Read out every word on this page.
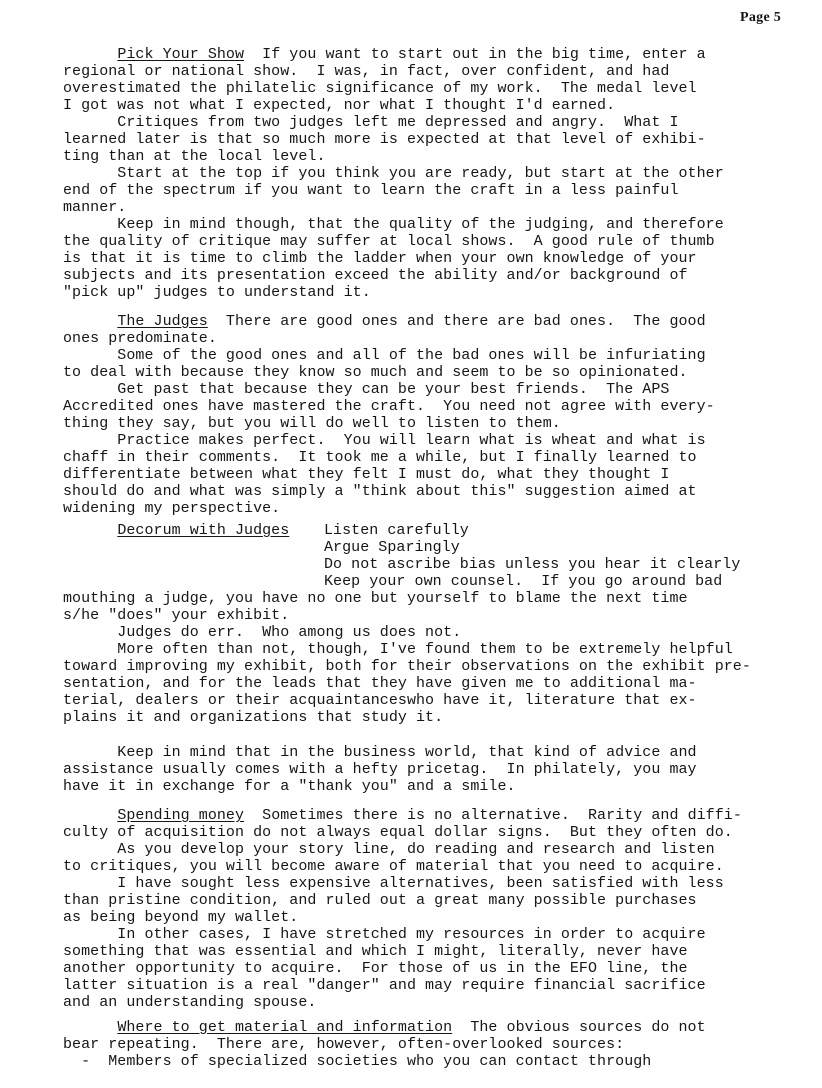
Page 5
Pick Your Show  If you want to start out in the big time, enter a
regional or national show.  I was, in fact, over confident, and had
overestimated the philatelic significance of my work.  The medal level
I got was not what I expected, nor what I thought I'd earned.
Critiques from two judges left me depressed and angry.  What I
learned later is that so much more is expected at that level of exhibi-
ting than at the local level.
Start at the top if you think you are ready, but start at the other
end of the spectrum if you want to learn the craft in a less painful
manner.
Keep in mind though, that the quality of the judging, and therefore
the quality of critique may suffer at local shows.  A good rule of thumb
is that it is time to climb the ladder when your own knowledge of your
subjects and its presentation exceed the ability and/or background of
"pick up" judges to understand it.
The Judges  There are good ones and there are bad ones.  The good
ones predominate.
Some of the good ones and all of the bad ones will be infuriating
to deal with because they know so much and seem to be so opinionated.
Get past that because they can be your best friends.  The APS
Accredited ones have mastered the craft.  You need not agree with every-
thing they say, but you will do well to listen to them.
Practice makes perfect.  You will learn what is wheat and what is
chaff in their comments.  It took me a while, but I finally learned to
differentiate between what they felt I must do, what they thought I
should do and what was simply a "think about this" suggestion aimed at
widening my perspective.
Decorum with Judges Listen carefully
Argue Sparingly
Do not ascribe bias unless you hear it clearly
Keep your own counsel.  If you go around bad
mouthing a judge, you have no one but yourself to blame the next time
s/he "does" your exhibit.
Judges do err.  Who among us does not.
More often than not, though, I've found them to be extremely helpful
toward improving my exhibit, both for their observations on the exhibit pre-
sentation, and for the leads that they have given me to additional ma-
terial, dealers or their acquaintanceswho have it, literature that ex-
plains it and organizations that study it.
Keep in mind that in the business world, that kind of advice and
assistance usually comes with a hefty pricetag.  In philately, you may
have it in exchange for a "thank you" and a smile.
Spending money  Sometimes there is no alternative.  Rarity and diffi-
culty of acquisition do not always equal dollar signs.  But they often do.
As you develop your story line, do reading and research and listen
to critiques, you will become aware of material that you need to acquire.
I have sought less expensive alternatives, been satisfied with less
than pristine condition, and ruled out a great many possible purchases
as being beyond my wallet.
In other cases, I have stretched my resources in order to acquire
something that was essential and which I might, literally, never have
another opportunity to acquire.  For those of us in the EFO line, the
latter situation is a real "danger" and may require financial sacrifice
and an understanding spouse.
Where to get material and information  The obvious sources do not
bear repeating.  There are, however, often-overlooked sources:
-  Members of specialized societies who you can contact through
